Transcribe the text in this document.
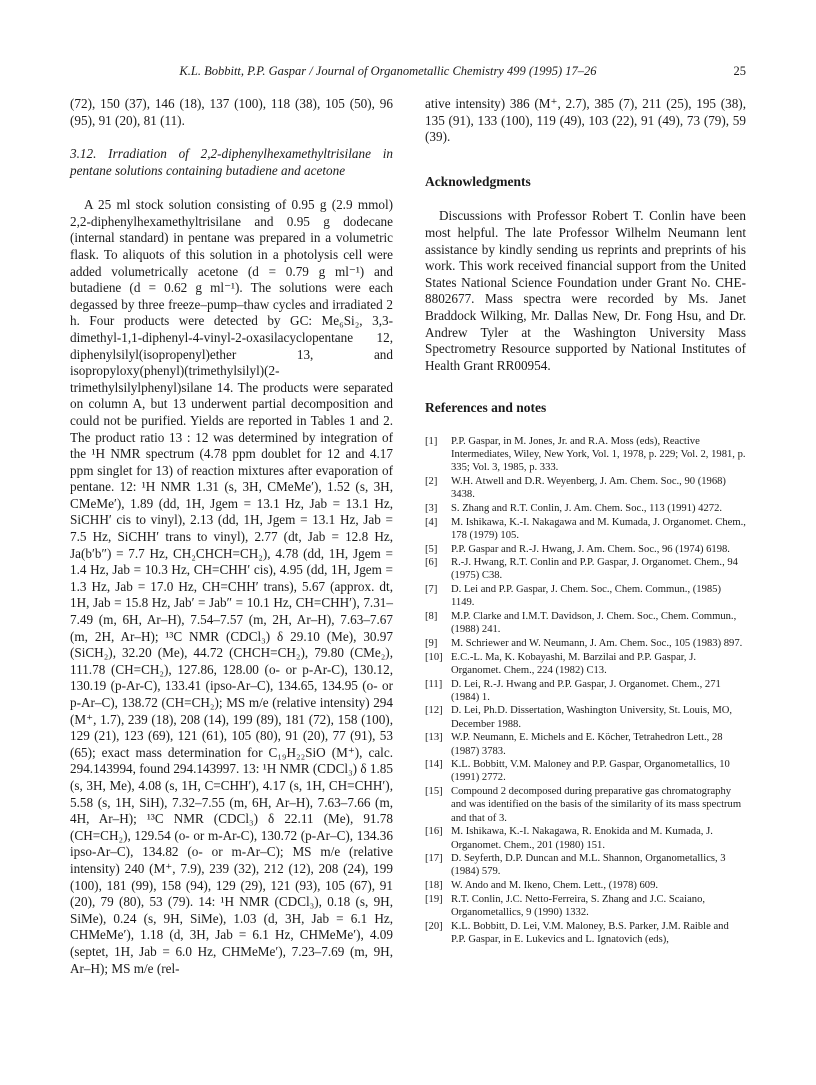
K.L. Bobbitt, P.P. Gaspar / Journal of Organometallic Chemistry 499 (1995) 17–26	25

(72), 150 (37), 146 (18), 137 (100), 118 (38), 105 (50), 96 (95), 91 (20), 81 (11).

3.12. Irradiation of 2,2-diphenylhexamethyltrisilane in pentane solutions containing butadiene and acetone

A 25 ml stock solution consisting of 0.95 g (2.9 mmol) 2,2-diphenylhexamethyltrisilane and 0.95 g dodecane (internal standard) in pentane was prepared in a volumetric flask. To aliquots of this solution in a photolysis cell were added volumetrically acetone (d = 0.79 g ml⁻¹) and butadiene (d = 0.62 g ml⁻¹). The solutions were each degassed by three freeze–pump–thaw cycles and irradiated 2 h. Four products were detected by GC: Me₆Si₂, 3,3-dimethyl-1,1-diphenyl-4-vinyl-2-oxasilacyclopentane 12, diphenylsilyl(isopropenyl)ether 13, and isopropyloxy(phenyl)(trimethylsilyl)(2-trimethylsilylphenyl)silane 14. The products were separated on column A, but 13 underwent partial decomposition and could not be purified. Yields are reported in Tables 1 and 2. The product ratio 13 : 12 was determined by integration of the ¹H NMR spectrum (4.78 ppm doublet for 12 and 4.17 ppm singlet for 13) of reaction mixtures after evaporation of pentane. 12: ¹H NMR 1.31 (s, 3H, CMeMe′), 1.52 (s, 3H, CMeMe′), 1.89 (dd, 1H, Jgem = 13.1 Hz, Jab = 13.1 Hz, SiCHH′ cis to vinyl), 2.13 (dd, 1H, Jgem = 13.1 Hz, Jab = 7.5 Hz, SiCHH′ trans to vinyl), 2.77 (dt, Jab = 12.8 Hz, Ja(b′b″) = 7.7 Hz, CH₂CHCH=CH₂), 4.78 (dd, 1H, Jgem = 1.4 Hz, Jab = 10.3 Hz, CH=CHH′ cis), 4.95 (dd, 1H, Jgem = 1.3 Hz, Jab = 17.0 Hz, CH=CHH′ trans), 5.67 (approx. dt, 1H, Jab = 15.8 Hz, Jab′ = Jab″ = 10.1 Hz, CH=CHH′), 7.31–7.49 (m, 6H, Ar–H), 7.54–7.57 (m, 2H, Ar–H), 7.63–7.67 (m, 2H, Ar–H); ¹³C NMR (CDCl₃) δ 29.10 (Me), 30.97 (SiCH₂), 32.20 (Me), 44.72 (CHCH=CH₂), 79.80 (CMe₂), 111.78 (CH=CH₂), 127.86, 128.00 (o- or p-Ar-C), 130.12, 130.19 (p-Ar-C), 133.41 (ipso-Ar–C), 134.65, 134.95 (o- or p-Ar–C), 138.72 (CH=CH₂); MS m/e (relative intensity) 294 (M⁺, 1.7), 239 (18), 208 (14), 199 (89), 181 (72), 158 (100), 129 (21), 123 (69), 121 (61), 105 (80), 91 (20), 77 (91), 53 (65); exact mass determination for C₁₉H₂₂SiO (M⁺), calc. 294.143994, found 294.143997. 13: ¹H NMR (CDCl₃) δ 1.85 (s, 3H, Me), 4.08 (s, 1H, C=CHH′), 4.17 (s, 1H, CH=CHH′), 5.58 (s, 1H, SiH), 7.32–7.55 (m, 6H, Ar–H), 7.63–7.66 (m, 4H, Ar–H); ¹³C NMR (CDCl₃) δ 22.11 (Me), 91.78 (CH=CH₂), 129.54 (o- or m-Ar-C), 130.72 (p-Ar–C), 134.36 ipso-Ar–C), 134.82 (o- or m-Ar–C); MS m/e (relative intensity) 240 (M⁺, 7.9), 239 (32), 212 (12), 208 (24), 199 (100), 181 (99), 158 (94), 129 (29), 121 (93), 105 (67), 91 (20), 79 (80), 53 (79). 14: ¹H NMR (CDCl₃), 0.18 (s, 9H, SiMe), 0.24 (s, 9H, SiMe), 1.03 (d, 3H, Jab = 6.1 Hz, CHMeMe′), 1.18 (d, 3H, Jab = 6.1 Hz, CHMeMe′), 4.09 (septet, 1H, Jab = 6.0 Hz, CHMeMe′), 7.23–7.69 (m, 9H, Ar–H); MS m/e (rel-

ative intensity) 386 (M⁺, 2.7), 385 (7), 211 (25), 195 (38), 135 (91), 133 (100), 119 (49), 103 (22), 91 (49), 73 (79), 59 (39).

Acknowledgments

Discussions with Professor Robert T. Conlin have been most helpful. The late Professor Wilhelm Neumann lent assistance by kindly sending us reprints and preprints of his work. This work received financial support from the United States National Science Foundation under Grant No. CHE-8802677. Mass spectra were recorded by Ms. Janet Braddock Wilking, Mr. Dallas New, Dr. Fong Hsu, and Dr. Andrew Tyler at the Washington University Mass Spectrometry Resource supported by National Institutes of Health Grant RR00954.

References and notes

[1]	P.P. Gaspar, in M. Jones, Jr. and R.A. Moss (eds), Reactive Intermediates, Wiley, New York, Vol. 1, 1978, p. 229; Vol. 2, 1981, p. 335; Vol. 3, 1985, p. 333.
[2]	W.H. Atwell and D.R. Weyenberg, J. Am. Chem. Soc., 90 (1968) 3438.
[3]	S. Zhang and R.T. Conlin, J. Am. Chem. Soc., 113 (1991) 4272.
[4]	M. Ishikawa, K.-I. Nakagawa and M. Kumada, J. Organomet. Chem., 178 (1979) 105.
[5]	P.P. Gaspar and R.-J. Hwang, J. Am. Chem. Soc., 96 (1974) 6198.
[6]	R.-J. Hwang, R.T. Conlin and P.P. Gaspar, J. Organomet. Chem., 94 (1975) C38.
[7]	D. Lei and P.P. Gaspar, J. Chem. Soc., Chem. Commun., (1985) 1149.
[8]	M.P. Clarke and I.M.T. Davidson, J. Chem. Soc., Chem. Commun., (1988) 241.
[9]	M. Schriewer and W. Neumann, J. Am. Chem. Soc., 105 (1983) 897.
[10] E.C.-L. Ma, K. Kobayashi, M. Barzilai and P.P. Gaspar, J. Organomet. Chem., 224 (1982) C13.
[11] D. Lei, R.-J. Hwang and P.P. Gaspar, J. Organomet. Chem., 271 (1984) 1.
[12] D. Lei, Ph.D. Dissertation, Washington University, St. Louis, MO, December 1988.
[13] W.P. Neumann, E. Michels and E. Köcher, Tetrahedron Lett., 28 (1987) 3783.
[14] K.L. Bobbitt, V.M. Maloney and P.P. Gaspar, Organometallics, 10 (1991) 2772.
[15] Compound 2 decomposed during preparative gas chromatography and was identified on the basis of the similarity of its mass spectrum and that of 3.
[16] M. Ishikawa, K.-I. Nakagawa, R. Enokida and M. Kumada, J. Organomet. Chem., 201 (1980) 151.
[17] D. Seyferth, D.P. Duncan and M.L. Shannon, Organometallics, 3 (1984) 579.
[18] W. Ando and M. Ikeno, Chem. Lett., (1978) 609.
[19] R.T. Conlin, J.C. Netto-Ferreira, S. Zhang and J.C. Scaiano, Organometallics, 9 (1990) 1332.
[20] K.L. Bobbitt, D. Lei, V.M. Maloney, B.S. Parker, J.M. Raible and P.P. Gaspar, in E. Lukevics and L. Ignatovich (eds),
